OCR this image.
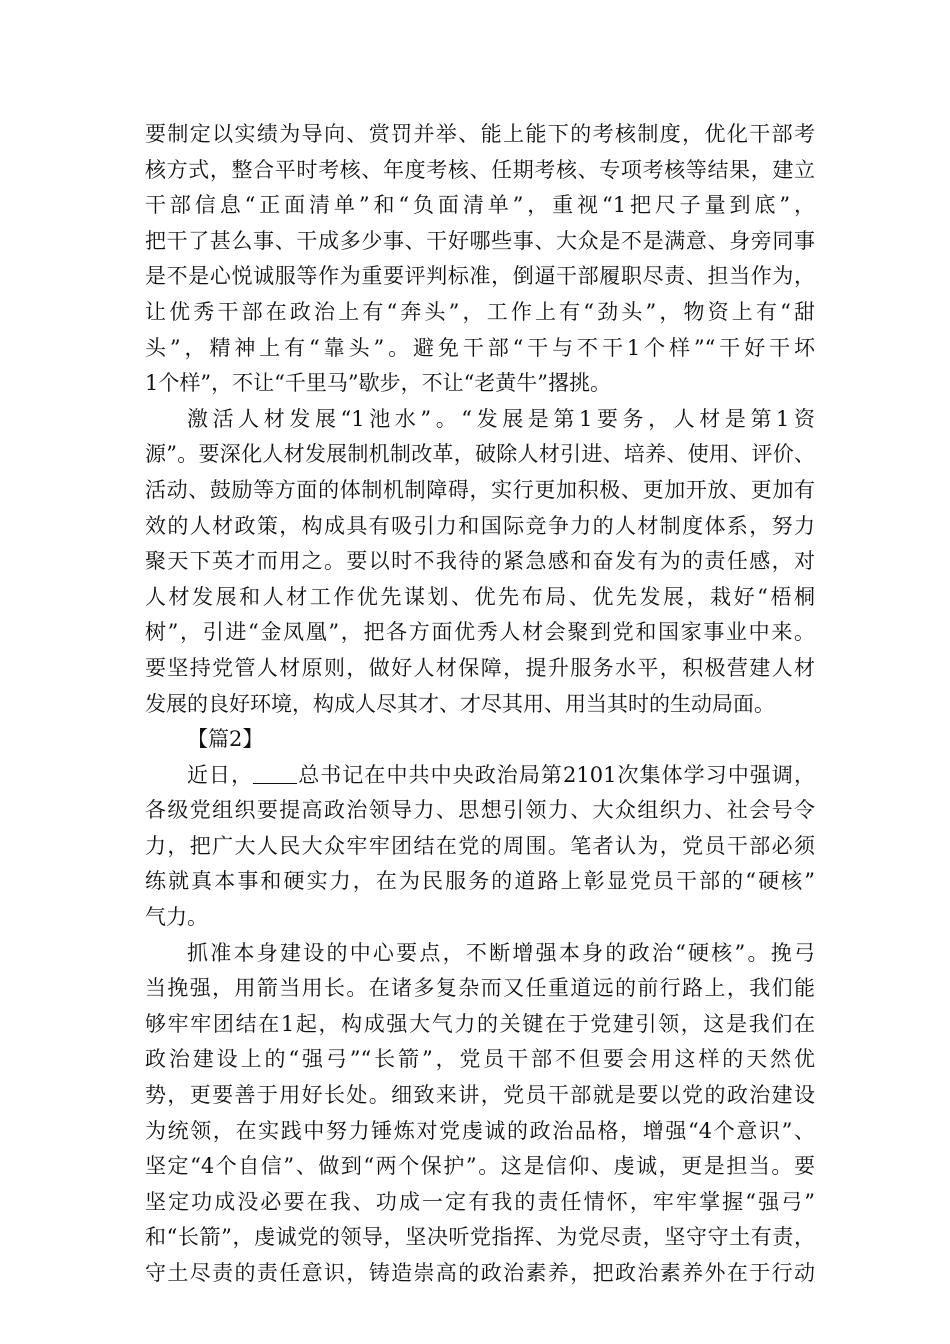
要制定以实绩为导向、赏罚并举、能上能下的考核制度，优化干部考
核方式，整合平时考核、年度考核、任期考核、专项考核等结果，建立
干部信息“正面清单”和“负面清单”，重视“1把尺子量到底”，
把干了甚么事、干成多少事、干好哪些事、大众是不是满意、身旁同事
是不是心悦诚服等作为重要评判标准，倒逼干部履职尽责、担当作为，
让优秀干部在政治上有“奔头”，工作上有“劲头”，物资上有“甜
头”，精神上有“靠头”。避免干部“干与不干1个样”“干好干坏
1个样”，不让“千里马”歇步，不让“老黄牛”撂挑。
激活人材发展“1池水”。“发展是第1要务，人材是第1资
源”。要深化人材发展制机制改革，破除人材引进、培养、使用、评价、
活动、鼓励等方面的体制机制障碍，实行更加积极、更加开放、更加有
效的人材政策，构成具有吸引力和国际竞争力的人材制度体系，努力
聚天下英才而用之。要以时不我待的紧急感和奋发有为的责任感，对
人材发展和人材工作优先谋划、优先布局、优先发展，栽好“梧桐
树”，引进“金凤凰”，把各方面优秀人材会聚到党和国家事业中来。
要坚持党管人材原则，做好人材保障，提升服务水平，积极营建人材
发展的良好环境，构成人尽其才、才尽其用、用当其时的生动局面。
【篇2】
近日， 总书记在中共中央政治局第2101次集体学习中强调，
各级党组织要提高政治领导力、思想引领力、大众组织力、社会号令
力，把广大人民大众牢牢团结在党的周围。笔者认为，党员干部必须
练就真本事和硬实力，在为民服务的道路上彰显党员干部的“硬核”
气力。
抓准本身建设的中心要点，不断增强本身的政治“硬核”。挽弓
当挽强，用箭当用长。在诸多复杂而又任重道远的前行路上，我们能
够牢牢团结在1起，构成强大气力的关键在于党建引领，这是我们在
政治建设上的“强弓”“长箭”，党员干部不但要会用这样的天然优
势，更要善于用好长处。细致来讲，党员干部就是要以党的政治建设
为统领，在实践中努力锤炼对党虔诚的政治品格，增强“4个意识”、
坚定“4个自信”、做到“两个保护”。这是信仰、虔诚，更是担当。要
坚定功成没必要在我、功成一定有我的责任情怀，牢牢掌握“强弓”
和“长箭”，虔诚党的领导，坚决听党指挥、为党尽责，坚守守土有责，
守土尽责的责任意识，铸造崇高的政治素养，把政治素养外在于行动
